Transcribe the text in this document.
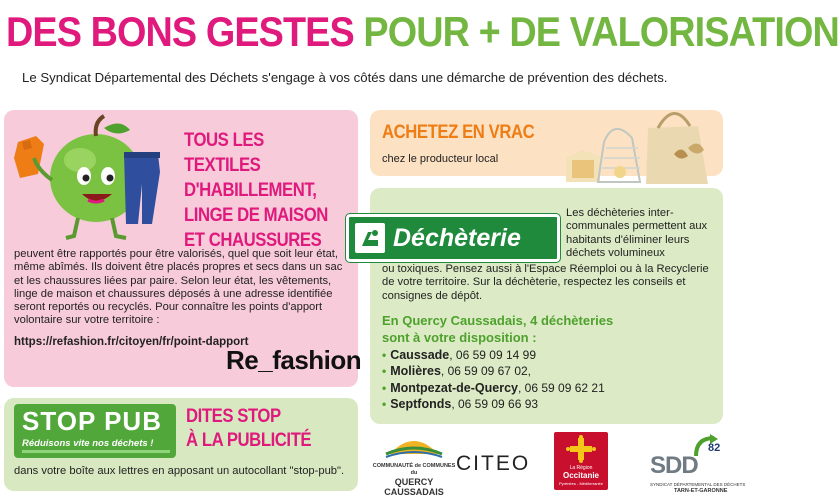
DES BONS GESTES POUR + DE VALORISATION
Le Syndicat Départemental des Déchets s'engage à vos côtés dans une démarche de prévention des déchets.
TOUS LES TEXTILES
D'HABILLEMENT,
LINGE DE MAISON
ET CHAUSSURES
peuvent être rapportés pour être valorisés, quel que soit leur état, même abîmés. Ils doivent être placés propres et secs dans un sac et les chaussures liées par paire. Selon leur état, les vêtements, linge de maison et chaussures déposés à une adresse identifiée seront reportés ou recyclés. Pour connaître les points d'apport volontaire sur votre territoire :
https://refashion.fr/citoyen/fr/point-dapport
Re_fashion
ACHETEZ EN VRAC
chez le producteur local
Déchèterie
Les déchèteries inter-communales permettent aux habitants d'éliminer leurs déchets volumineux
ou toxiques. Pensez aussi à l'Espace Réemploi ou à la Recyclerie de votre territoire. Sur la déchèterie, respectez les conseils et consignes de dépôt.
En Quercy Caussadais, 4 déchèteries
sont à votre disposition :
• Caussade, 06 59 09 14 99
• Molières, 06 59 09 67 02,
• Montpezat-de-Quercy, 06 59 09 62 21
• Septfonds, 06 59 09 66 93
STOP PUB
Réduisons vite nos déchets !
DITES STOP
À LA PUBLICITÉ
dans votre boîte aux lettres en apposant un autocollant "stop-pub".	COMMUNAUTÉ de COMMUNES du
QUERCY
CAUSSADAIS
CITEO	La Région
Occitanie
Pyrénées - Méditerranée
SDD
82
SYNDICAT DÉPARTEMENTAL DES DÉCHETS
TARN-ET-GARONNE
